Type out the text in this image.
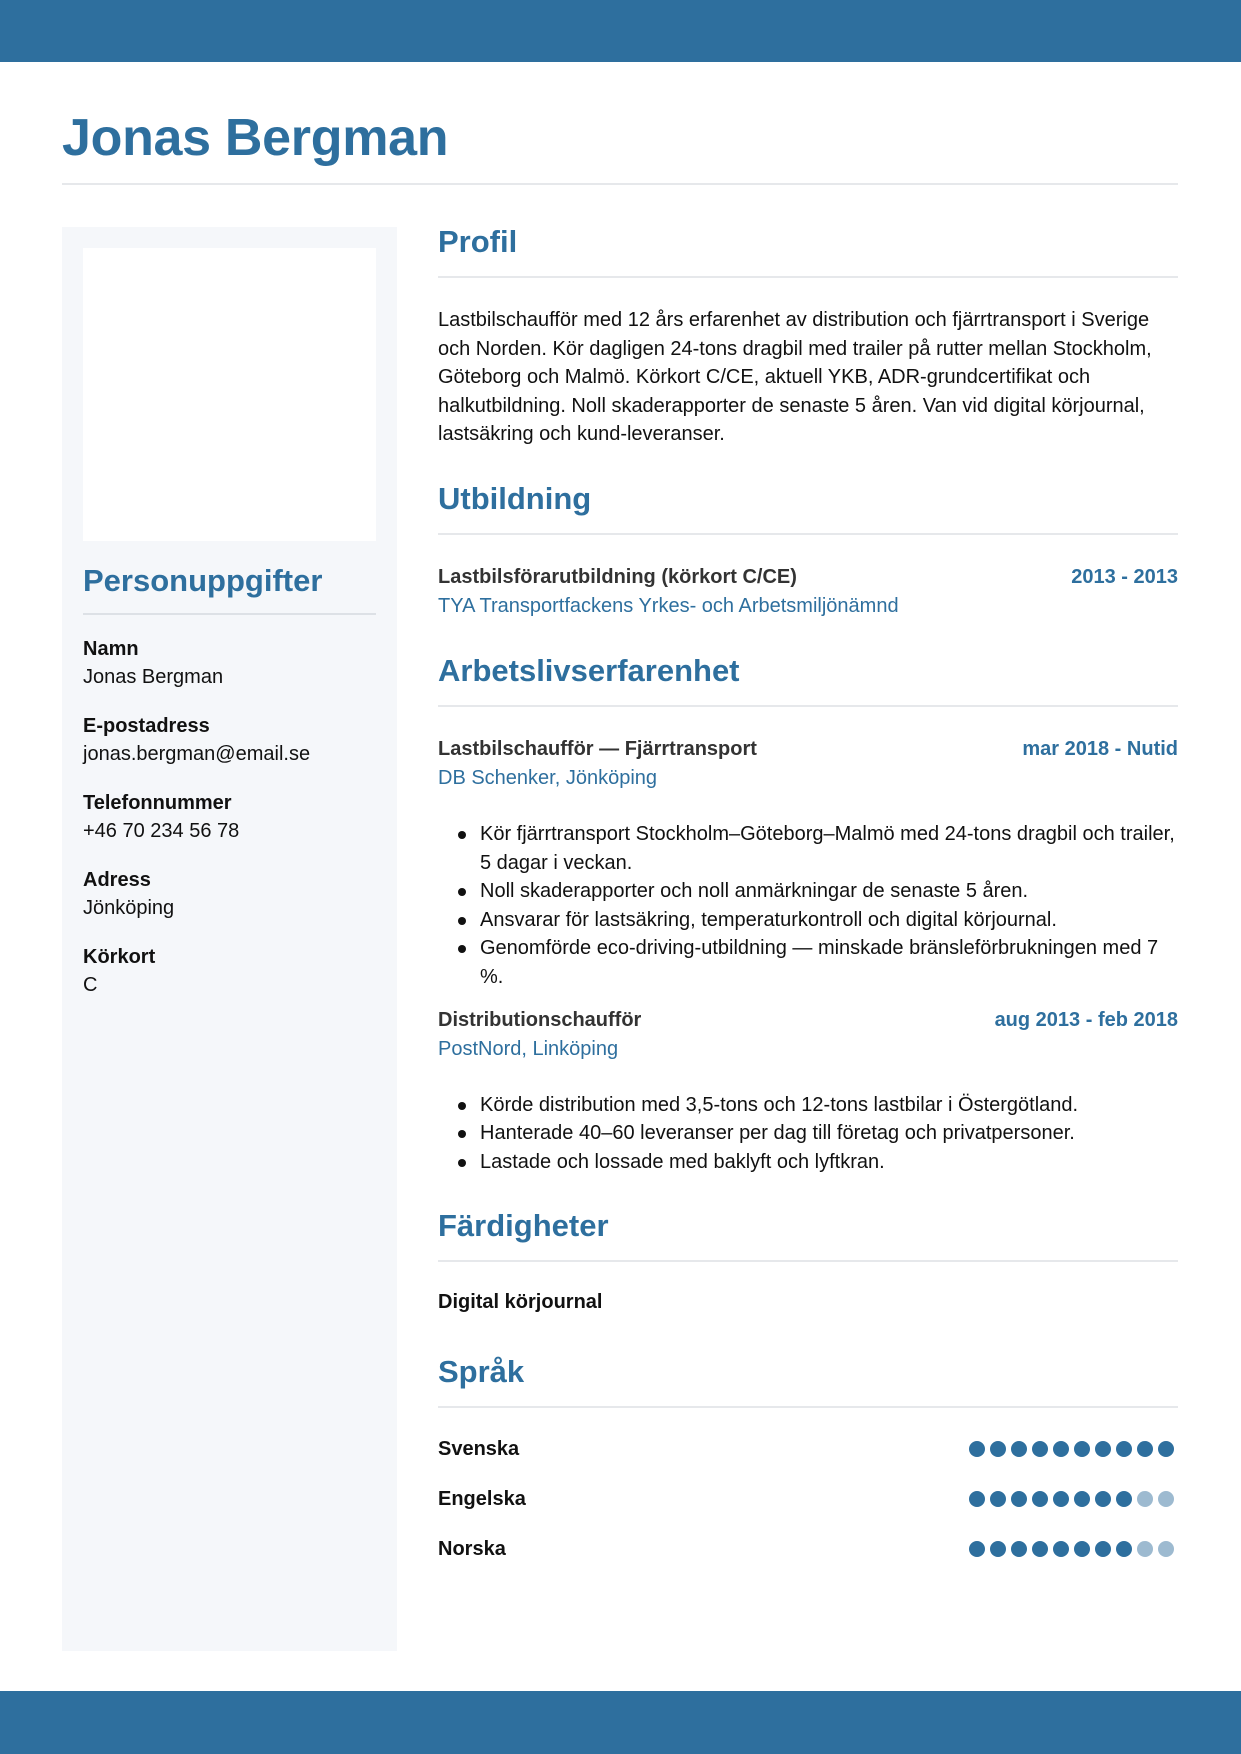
Jonas Bergman
Personuppgifter
Namn
Jonas Bergman
E-postadress
jonas.bergman@email.se
Telefonnummer
+46 70 234 56 78
Adress
Jönköping
Körkort
C
Profil

Lastbilschaufför med 12 års erfarenhet av distribution och fjärrtransport i Sverige och Norden. Kör dagligen 24-tons dragbil med trailer på rutter mellan Stockholm, Göteborg och Malmö. Körkort C/CE, aktuell YKB, ADR-grundcertifikat och halkutbildning. Noll skaderapporter de senaste 5 åren. Van vid digital körjournal, lastsäkring och kund-leveranser.

Utbildning
Lastbilsförarutbildning (körkort C/CE)	2013 - 2013
TYA Transportfackens Yrkes- och Arbetsmiljönämnd
Arbetslivserfarenhet
Lastbilschaufför — Fjärrtransport	mar 2018 - Nutid
DB Schenker, Jönköping
Kör fjärrtransport Stockholm–Göteborg–Malmö med 24-tons dragbil och trailer, 5 dagar i veckan.
Noll skaderapporter och noll anmärkningar de senaste 5 åren.
Ansvarar för lastsäkring, temperaturkontroll och digital körjournal.
Genomförde eco-driving-utbildning — minskade bränsleförbrukningen med 7 %.
Distributionschaufför	aug 2013 - feb 2018
PostNord, Linköping
Körde distribution med 3,5-tons och 12-tons lastbilar i Östergötland.
Hanterade 40–60 leveranser per dag till företag och privatpersoner.
Lastade och lossade med baklyft och lyftkran.
Färdigheter
Digital körjournal
Språk
Svenska
Engelska
Norska
